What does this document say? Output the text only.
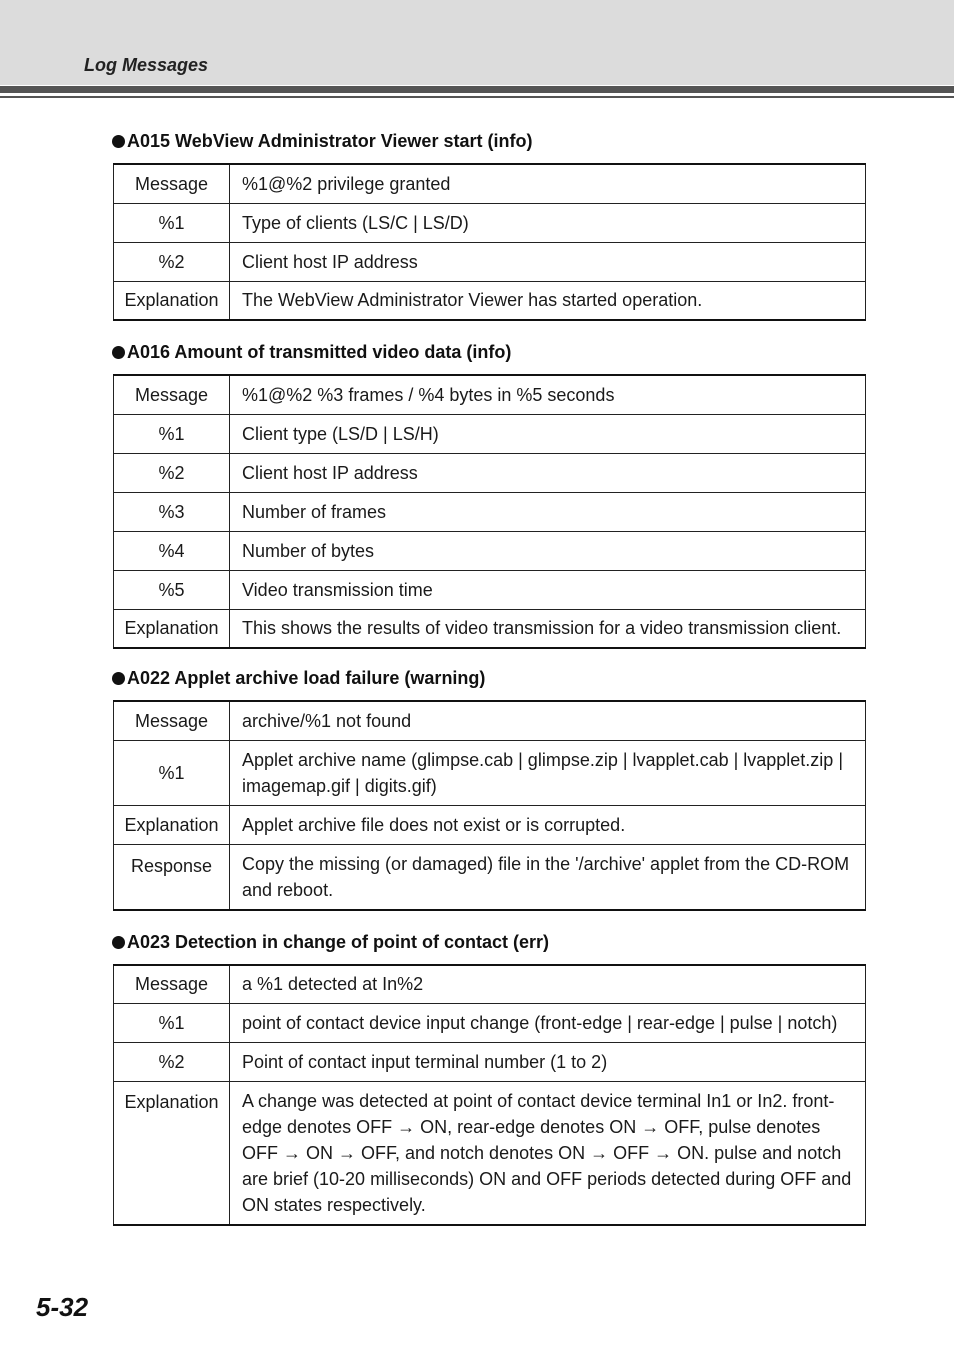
Log Messages
A015 WebView Administrator Viewer start (info)
Message	%1@%2 privilege granted
%1	Type of clients (LS/C | LS/D)
%2	Client host IP address
Explanation	The WebView Administrator Viewer has started operation.
A016 Amount of transmitted video data (info)
Message	%1@%2 %3 frames / %4 bytes in %5 seconds
%1	Client type (LS/D | LS/H)
%2	Client host IP address
%3	Number of frames
%4	Number of bytes
%5	Video transmission time
Explanation	This shows the results of video transmission for a video transmission client.
A022 Applet archive load failure (warning)
Message	archive/%1 not found
%1	Applet archive name (glimpse.cab | glimpse.zip | lvapplet.cab | lvapplet.zip | imagemap.gif | digits.gif)

Explanation	Applet archive file does not exist or is corrupted.
Response	Copy the missing (or damaged) file in the '/archive' applet from the CD-ROM and reboot.
A023 Detection in change of point of contact (err)
Message	a %1 detected at In%2
%1	point of contact device input change (front-edge | rear-edge | pulse | notch)
%2	Point of contact input terminal number (1 to 2)
Explanation	A change was detected at point of contact device terminal In1 or In2. front-edge denotes OFF → ON, rear-edge denotes ON → OFF, pulse denotes OFF → ON → OFF, and notch denotes ON → OFF → ON. pulse and notch are brief (10-20 milliseconds) ON and OFF periods detected during OFF and ON states respectively.
5-32
